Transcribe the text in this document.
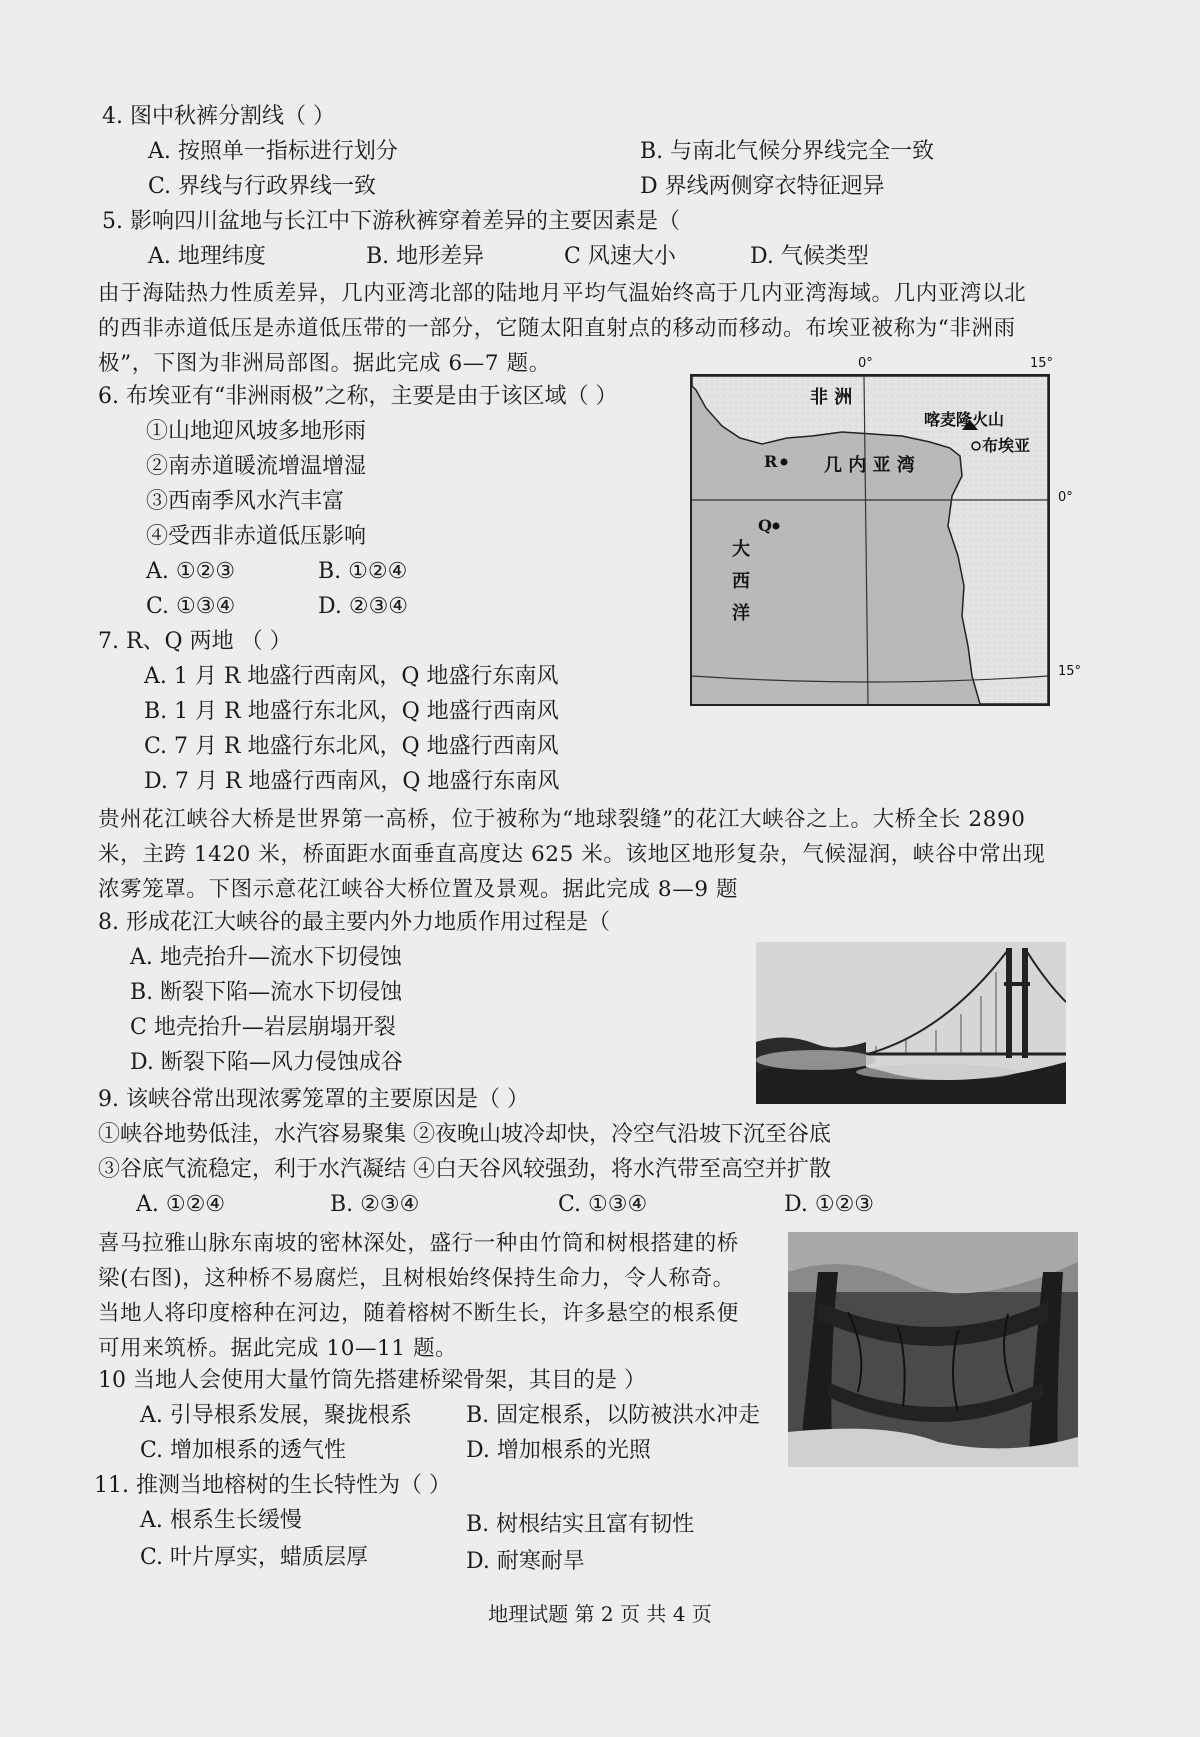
4. 图中秋裤分割线（ ）
A. 按照单一指标进行划分	B. 与南北气候分界线完全一致
C. 界线与行政界线一致	D 界线两侧穿衣特征迥异
5. 影响四川盆地与长江中下游秋裤穿着差异的主要因素是（
A. 地理纬度	B. 地形差异	C 风速大小	D. 气候类型
由于海陆热力性质差异，几内亚湾北部的陆地月平均气温始终高于几内亚湾海域。几内亚湾以北
的西非赤道低压是赤道低压带的一部分，它随太阳直射点的移动而移动。布埃亚被称为“非洲雨
极”，下图为非洲局部图。据此完成 6—7 题。	0°	15°
0°
15°
非 洲
喀麦隆火山
布埃亚
R	几 内 亚 湾
Q
大
西
洋
6. 布埃亚有“非洲雨极”之称，主要是由于该区域（ ）
①山地迎风坡多地形雨
②南赤道暖流增温增湿
③西南季风水汽丰富
④受西非赤道低压影响
A. ①②③	B. ①②④
C. ①③④	D. ②③④
7. R、Q 两地 （ ）
A. 1 月 R 地盛行西南风，Q 地盛行东南风
B. 1 月 R 地盛行东北风，Q 地盛行西南风
C. 7 月 R 地盛行东北风，Q 地盛行西南风
D. 7 月 R 地盛行西南风，Q 地盛行东南风
贵州花江峡谷大桥是世界第一高桥，位于被称为“地球裂缝”的花江大峡谷之上。大桥全长 2890
米，主跨 1420 米，桥面距水面垂直高度达 625 米。该地区地形复杂，气候湿润，峡谷中常出现
浓雾笼罩。下图示意花江峡谷大桥位置及景观。据此完成 8—9 题
8. 形成花江大峡谷的最主要内外力地质作用过程是（
A. 地壳抬升—流水下切侵蚀
B. 断裂下陷—流水下切侵蚀
C 地壳抬升—岩层崩塌开裂
D. 断裂下陷—风力侵蚀成谷
9. 该峡谷常出现浓雾笼罩的主要原因是（ ）
①峡谷地势低洼，水汽容易聚集 ②夜晚山坡冷却快，冷空气沿坡下沉至谷底
③谷底气流稳定，利于水汽凝结 ④白天谷风较强劲，将水汽带至高空并扩散
A. ①②④	B. ②③④	C. ①③④	D. ①②③
喜马拉雅山脉东南坡的密林深处，盛行一种由竹筒和树根搭建的桥
梁(右图)，这种桥不易腐烂，且树根始终保持生命力，令人称奇。
当地人将印度榕种在河边，随着榕树不断生长，许多悬空的根系便
可用来筑桥。据此完成 10—11 题。
10 当地人会使用大量竹筒先搭建桥梁骨架，其目的是 ）
A. 引导根系发展，聚拢根系 B. 固定根系，以防被洪水冲走
C. 增加根系的透气性	D. 增加根系的光照
11. 推测当地榕树的生长特性为（ ）
A. 根系生长缓慢	B. 树根结实且富有韧性
C. 叶片厚实，蜡质层厚	D. 耐寒耐旱
地理试题 第 2 页 共 4 页
